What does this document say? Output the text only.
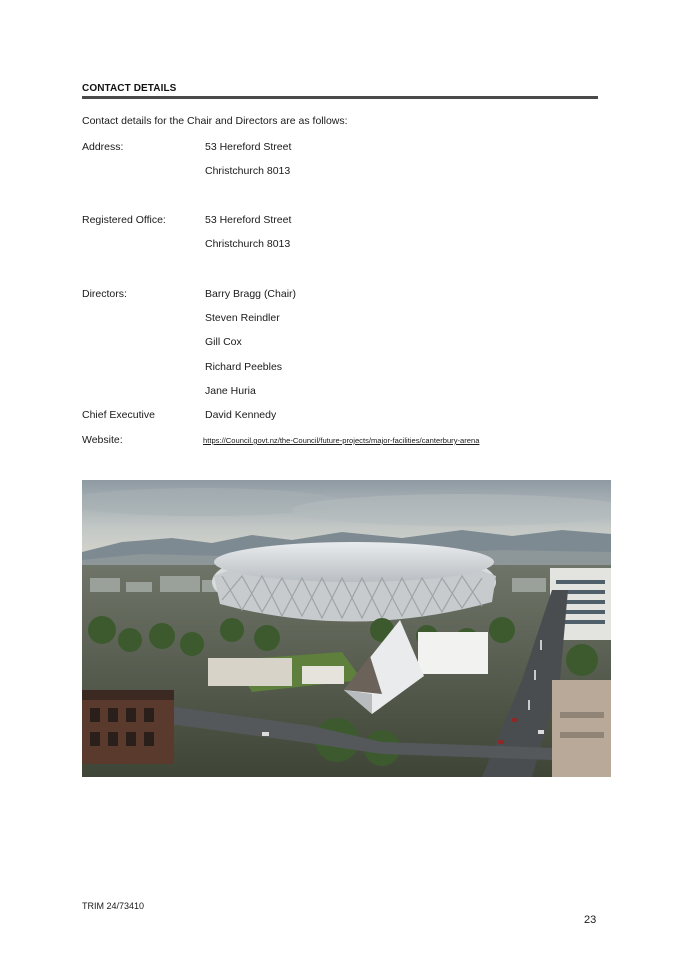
CONTACT DETAILS
Contact details for the Chair and Directors are as follows:
Address:	53 Hereford Street
Christchurch 8013
Registered Office:	53 Hereford Street
Christchurch 8013
Directors:	Barry Bragg (Chair)
Steven Reindler
Gill Cox
Richard Peebles
Jane Huria
Chief Executive	David Kennedy
Website:	https://Council.govt.nz/the-Council/future-projects/major-facilities/canterbury-arena
TRIM 24/73410
23
